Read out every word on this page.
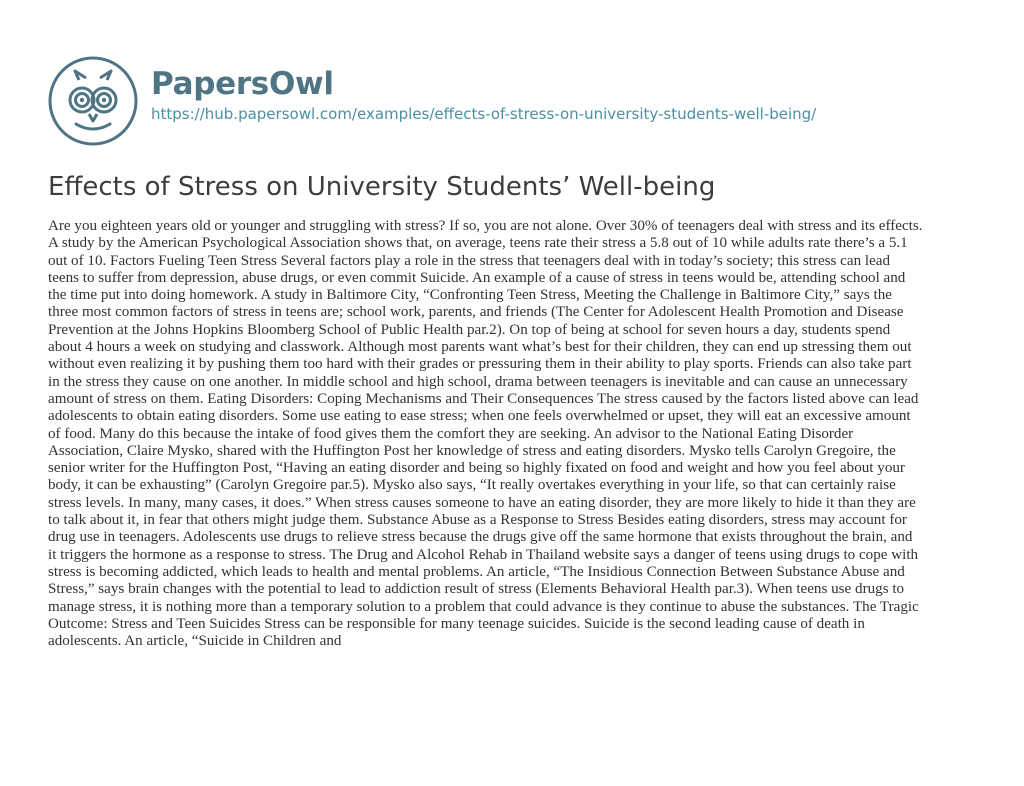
PapersOwl
https://hub.papersowl.com/examples/effects-of-stress-on-university-students-well-being/
Effects of Stress on University Students’ Well-being
Are you eighteen years old or younger and struggling with stress? If so, you are not alone. Over 30% of teenagers deal with stress and its effects.
A study by the American Psychological Association shows that, on average, teens rate their stress a 5.8 out of 10 while adults rate there’s a 5.1
out of 10. Factors Fueling Teen Stress Several factors play a role in the stress that teenagers deal with in today’s society; this stress can lead
teens to suffer from depression, abuse drugs, or even commit Suicide. An example of a cause of stress in teens would be, attending school and
the time put into doing homework. A study in Baltimore City, “Confronting Teen Stress, Meeting the Challenge in Baltimore City,” says the
three most common factors of stress in teens are; school work, parents, and friends (The Center for Adolescent Health Promotion and Disease
Prevention at the Johns Hopkins Bloomberg School of Public Health par.2). On top of being at school for seven hours a day, students spend
about 4 hours a week on studying and classwork. Although most parents want what’s best for their children, they can end up stressing them out
without even realizing it by pushing them too hard with their grades or pressuring them in their ability to play sports. Friends can also take part
in the stress they cause on one another. In middle school and high school, drama between teenagers is inevitable and can cause an unnecessary
amount of stress on them. Eating Disorders: Coping Mechanisms and Their Consequences The stress caused by the factors listed above can lead
adolescents to obtain eating disorders. Some use eating to ease stress; when one feels overwhelmed or upset, they will eat an excessive amount
of food. Many do this because the intake of food gives them the comfort they are seeking. An advisor to the National Eating Disorder
Association, Claire Mysko, shared with the Huffington Post her knowledge of stress and eating disorders. Mysko tells Carolyn Gregoire, the
senior writer for the Huffington Post, “Having an eating disorder and being so highly fixated on food and weight and how you feel about your
body, it can be exhausting” (Carolyn Gregoire par.5). Mysko also says, “It really overtakes everything in your life, so that can certainly raise
stress levels. In many, many cases, it does.” When stress causes someone to have an eating disorder, they are more likely to hide it than they are
to talk about it, in fear that others might judge them. Substance Abuse as a Response to Stress Besides eating disorders, stress may account for
drug use in teenagers. Adolescents use drugs to relieve stress because the drugs give off the same hormone that exists throughout the brain, and
it triggers the hormone as a response to stress. The Drug and Alcohol Rehab in Thailand website says a danger of teens using drugs to cope with
stress is becoming addicted, which leads to health and mental problems. An article, “The Insidious Connection Between Substance Abuse and
Stress,” says brain changes with the potential to lead to addiction result of stress (Elements Behavioral Health par.3). When teens use drugs to
manage stress, it is nothing more than a temporary solution to a problem that could advance is they continue to abuse the substances. The Tragic
Outcome: Stress and Teen Suicides Stress can be responsible for many teenage suicides. Suicide is the second leading cause of death in
adolescents. An article, “Suicide in Children and
